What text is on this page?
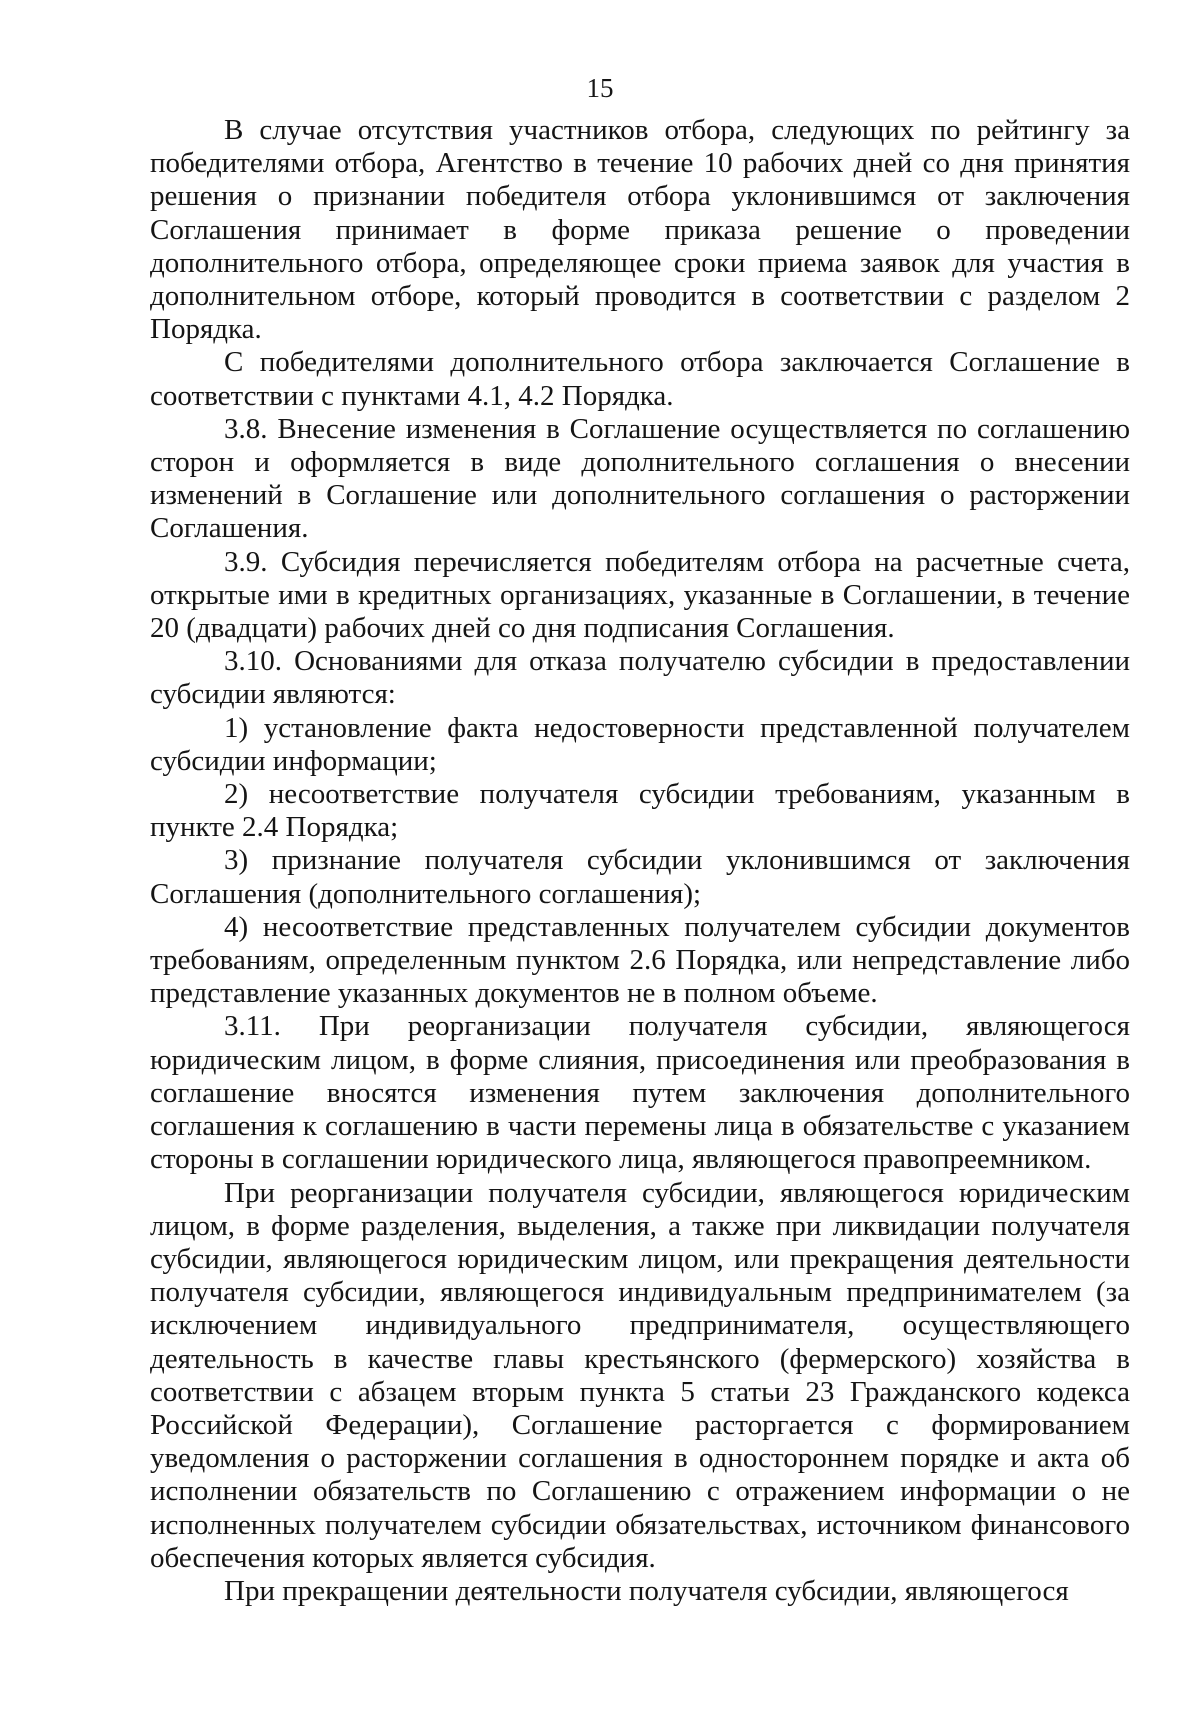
15

В случае отсутствия участников отбора, следующих по рейтингу за победителями отбора, Агентство в течение 10 рабочих дней со дня принятия решения о признании победителя отбора уклонившимся от заключения Соглашения принимает в форме приказа решение о проведении дополнительного отбора, определяющее сроки приема заявок для участия в дополнительном отборе, который проводится в соответствии с разделом 2 Порядка.

С победителями дополнительного отбора заключается Соглашение в соответствии с пунктами 4.1, 4.2 Порядка.

3.8. Внесение изменения в Соглашение осуществляется по соглашению сторон и оформляется в виде дополнительного соглашения о внесении изменений в Соглашение или дополнительного соглашения о расторжении Соглашения.

3.9. Субсидия перечисляется победителям отбора на расчетные счета, открытые ими в кредитных организациях, указанные в Соглашении, в течение 20 (двадцати) рабочих дней со дня подписания Соглашения.

3.10. Основаниями для отказа получателю субсидии в предоставлении субсидии являются:

1) установление факта недостоверности представленной получателем субсидии информации;

2) несоответствие получателя субсидии требованиям, указанным в пункте 2.4 Порядка;

3) признание получателя субсидии уклонившимся от заключения Соглашения (дополнительного соглашения);

4) несоответствие представленных получателем субсидии документов требованиям, определенным пунктом 2.6 Порядка, или непредставление либо представление указанных документов не в полном объеме.

3.11. При реорганизации получателя субсидии, являющегося юридическим лицом, в форме слияния, присоединения или преобразования в соглашение вносятся изменения путем заключения дополнительного соглашения к соглашению в части перемены лица в обязательстве с указанием стороны в соглашении юридического лица, являющегося правопреемником.

При реорганизации получателя субсидии, являющегося юридическим лицом, в форме разделения, выделения, а также при ликвидации получателя субсидии, являющегося юридическим лицом, или прекращения деятельности получателя субсидии, являющегося индивидуальным предпринимателем (за исключением индивидуального предпринимателя, осуществляющего деятельность в качестве главы крестьянского (фермерского) хозяйства в соответствии с абзацем вторым пункта 5 статьи 23 Гражданского кодекса Российской Федерации), Соглашение расторгается с формированием уведомления о расторжении соглашения в одностороннем порядке и акта об исполнении обязательств по Соглашению с отражением информации о не исполненных получателем субсидии обязательствах, источником финансового обеспечения которых является субсидия.

При прекращении деятельности получателя субсидии, являющегося
